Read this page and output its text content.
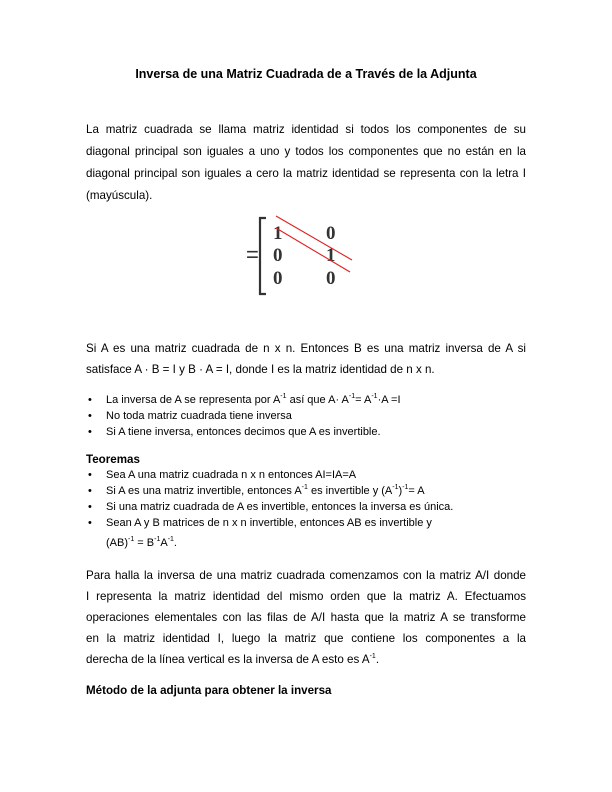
Inversa de una Matriz Cuadrada de a Través de la Adjunta
La matriz cuadrada se llama matriz identidad si todos los componentes de su
diagonal principal son iguales a uno y todos los componentes que no están en la
diagonal principal son iguales a cero la matriz identidad se representa con la letra I
(mayúscula).
=
1 0
0 1
0 0
Si A es una matriz cuadrada de n x n. Entonces B es una matriz inversa de A si
satisface A · B = I y B · A = I, donde I es la matriz identidad de n x n.
• La inversa de A se representa por $A^{-1}$ así que $A\cdot A^{-1}= A^{-1}\cdot A =I$
• No toda matriz cuadrada tiene inversa
• Si A tiene inversa, entonces decimos que A es invertible.
Teoremas
• Sea A una matriz cuadrada n x n entonces AI=IA=A
• Si A es una matriz invertible, entonces $A^{-1}$ es invertible y $(A^{-1})^{-1}= A$
• Si una matriz cuadrada de A es invertible, entonces la inversa es única.
• Sean A y B matrices de n x n invertible, entonces AB es invertible y
$(AB)^{-1} = B^{-1}A^{-1}$.
Para halla la inversa de una matriz cuadrada comenzamos con la matriz A/I donde
I representa la matriz identidad del mismo orden que la matriz A. Efectuamos
operaciones elementales con las filas de A/I hasta que la matriz A se transforme
en la matriz identidad I, luego la matriz que contiene los componentes a la
derecha de la línea vertical es la inversa de A esto es $A^{-1}$.
Método de la adjunta para obtener la inversa
